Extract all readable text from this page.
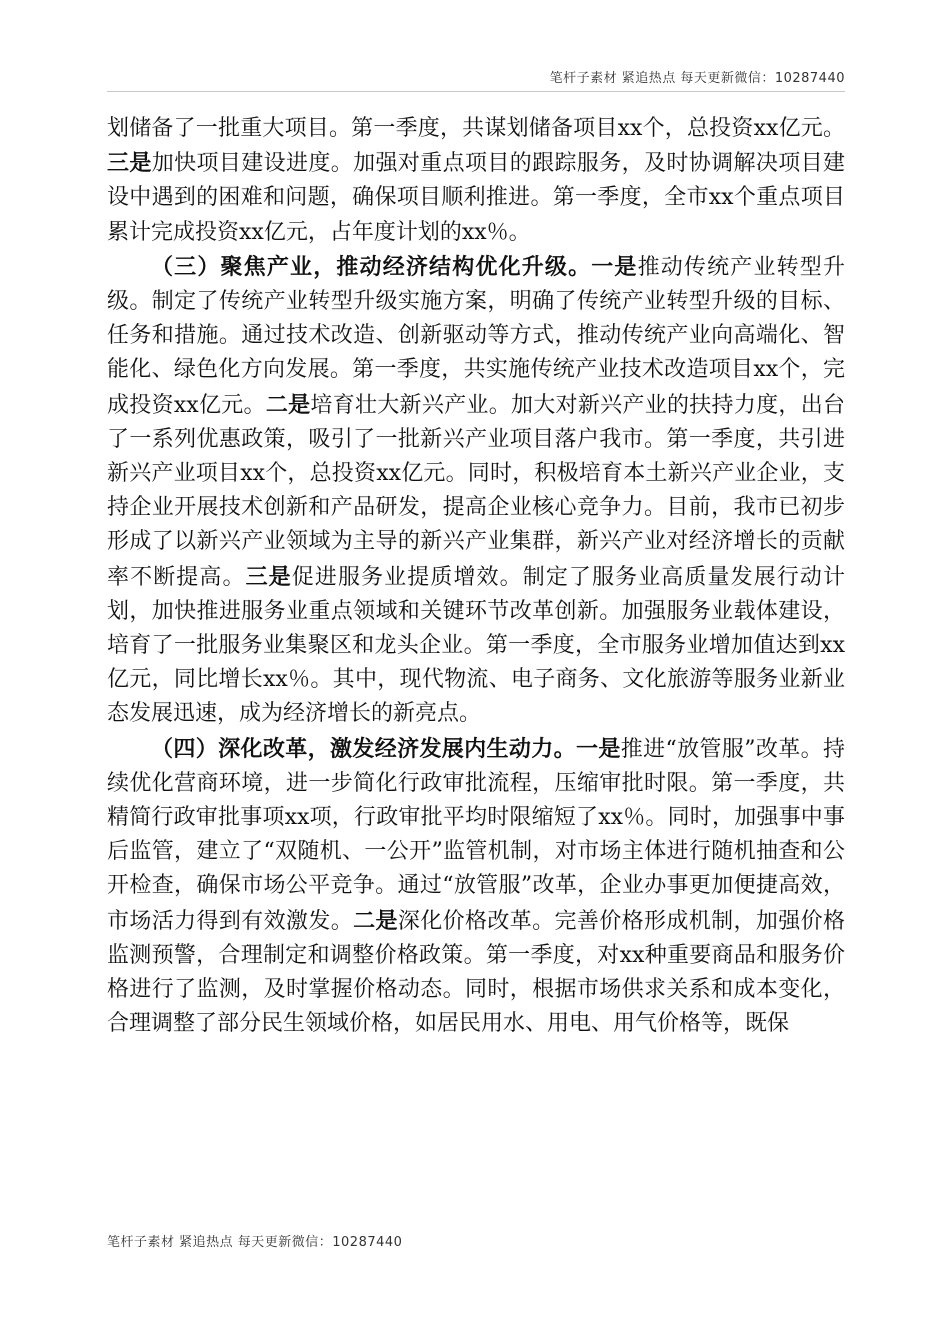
笔杆子素材 紧追热点 每天更新微信：10287440

划储备了一批重大项目。第一季度，共谋划储备项目xx个，总投资xx亿元。三是加快项目建设进度。加强对重点项目的跟踪服务，及时协调解决项目建设中遇到的困难和问题，确保项目顺利推进。第一季度，全市xx个重点项目累计完成投资xx亿元，占年度计划的xx％。

（三）聚焦产业，推动经济结构优化升级。一是推动传统产业转型升级。制定了传统产业转型升级实施方案，明确了传统产业转型升级的目标、任务和措施。通过技术改造、创新驱动等方式，推动传统产业向高端化、智能化、绿色化方向发展。第一季度，共实施传统产业技术改造项目xx个，完成投资xx亿元。二是培育壮大新兴产业。加大对新兴产业的扶持力度，出台了一系列优惠政策，吸引了一批新兴产业项目落户我市。第一季度，共引进新兴产业项目xx个，总投资xx亿元。同时，积极培育本土新兴产业企业，支持企业开展技术创新和产品研发，提高企业核心竞争力。目前，我市已初步形成了以新兴产业领域为主导的新兴产业集群，新兴产业对经济增长的贡献率不断提高。三是促进服务业提质增效。制定了服务业高质量发展行动计划，加快推进服务业重点领域和关键环节改革创新。加强服务业载体建设，培育了一批服务业集聚区和龙头企业。第一季度，全市服务业增加值达到xx亿元，同比增长xx％。其中，现代物流、电子商务、文化旅游等服务业新业态发展迅速，成为经济增长的新亮点。

（四）深化改革，激发经济发展内生动力。一是推进“放管服”改革。持续优化营商环境，进一步简化行政审批流程，压缩审批时限。第一季度，共精简行政审批事项xx项，行政审批平均时限缩短了xx％。同时，加强事中事后监管，建立了“双随机、一公开”监管机制，对市场主体进行随机抽查和公开检查，确保市场公平竞争。通过“放管服”改革，企业办事更加便捷高效，市场活力得到有效激发。二是深化价格改革。完善价格形成机制，加强价格监测预警，合理制定和调整价格政策。第一季度，对xx种重要商品和服务价格进行了监测，及时掌握价格动态。同时，根据市场供求关系和成本变化，合理调整了部分民生领域价格，如居民用水、用电、用气价格等，既保

笔杆子素材 紧追热点 每天更新微信：10287440
